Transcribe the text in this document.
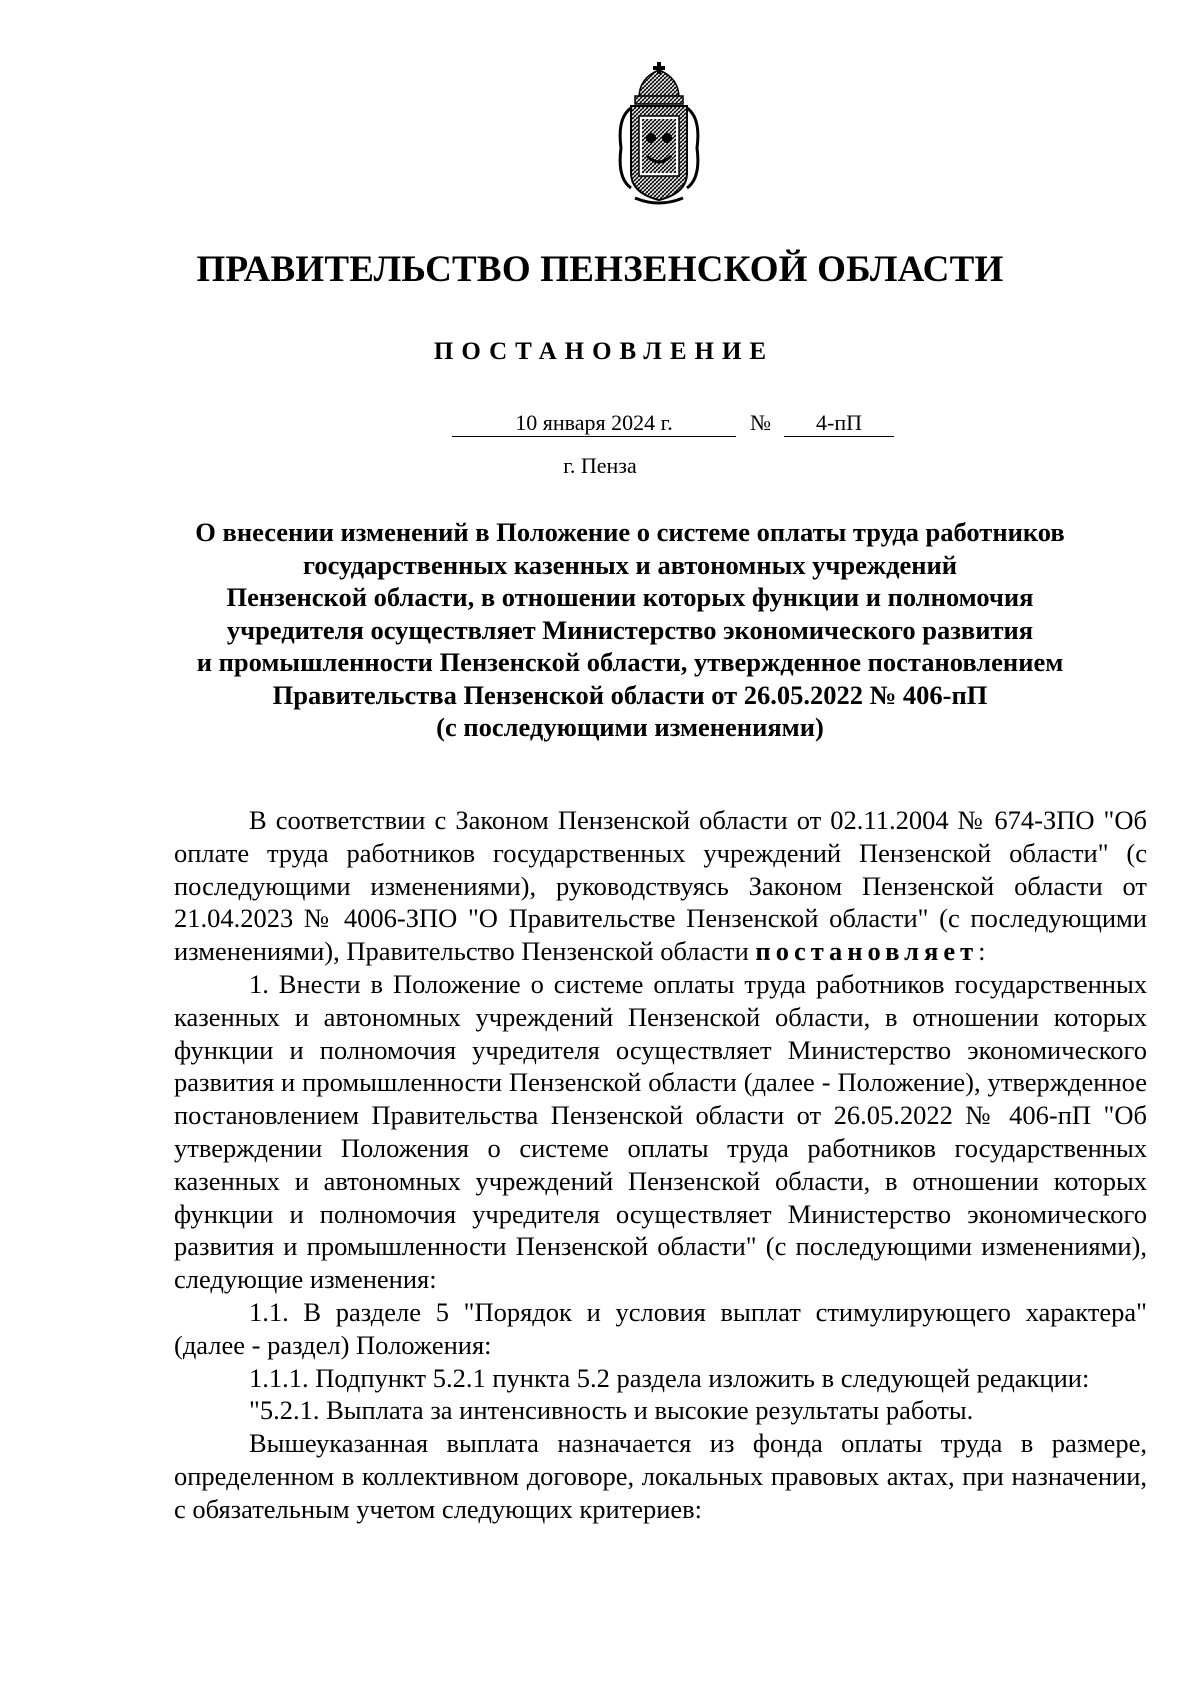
ПРАВИТЕЛЬСТВО ПЕНЗЕНСКОЙ ОБЛАСТИ
ПОСТАНОВЛЕНИЕ
10 января 2024 г.	№	4-пП
г. Пенза
О внесении изменений в Положение о системе оплаты труда работников
государственных казенных и автономных учреждений
Пензенской области, в отношении которых функции и полномочия
учредителя осуществляет Министерство экономического развития
и промышленности Пензенской области, утвержденное постановлением
Правительства Пензенской области от 26.05.2022 № 406-пП
(с последующими изменениями)

В соответствии с Законом Пензенской области от 02.11.2004 № 674-ЗПО "Об оплате труда работников государственных учреждений Пензенской области" (с последующими изменениями), руководствуясь Законом Пензенской области от 21.04.2023 № 4006-ЗПО "О Правительстве Пензенской области" (с последующими изменениями), Правительство Пензенской области постановляет:

1. Внести в Положение о системе оплаты труда работников государственных казенных и автономных учреждений Пензенской области, в отношении которых функции и полномочия учредителя осуществляет Министерство экономического развития и промышленности Пензенской области (далее - Положение), утвержденное постановлением Правительства Пензенской области от 26.05.2022 № 406-пП "Об утверждении Положения о системе оплаты труда работников государственных казенных и автономных учреждений Пензенской области, в отношении которых функции и полномочия учредителя осуществляет Министерство экономического развития и промышленности Пензенской области" (с последующими изменениями), следующие изменения:

1.1. В разделе 5 "Порядок и условия выплат стимулирующего характера" (далее - раздел) Положения:

1.1.1. Подпункт 5.2.1 пункта 5.2 раздела изложить в следующей редакции:

"5.2.1. Выплата за интенсивность и высокие результаты работы.

Вышеуказанная выплата назначается из фонда оплаты труда в размере, определенном в коллективном договоре, локальных правовых актах, при назначении, с обязательным учетом следующих критериев:
